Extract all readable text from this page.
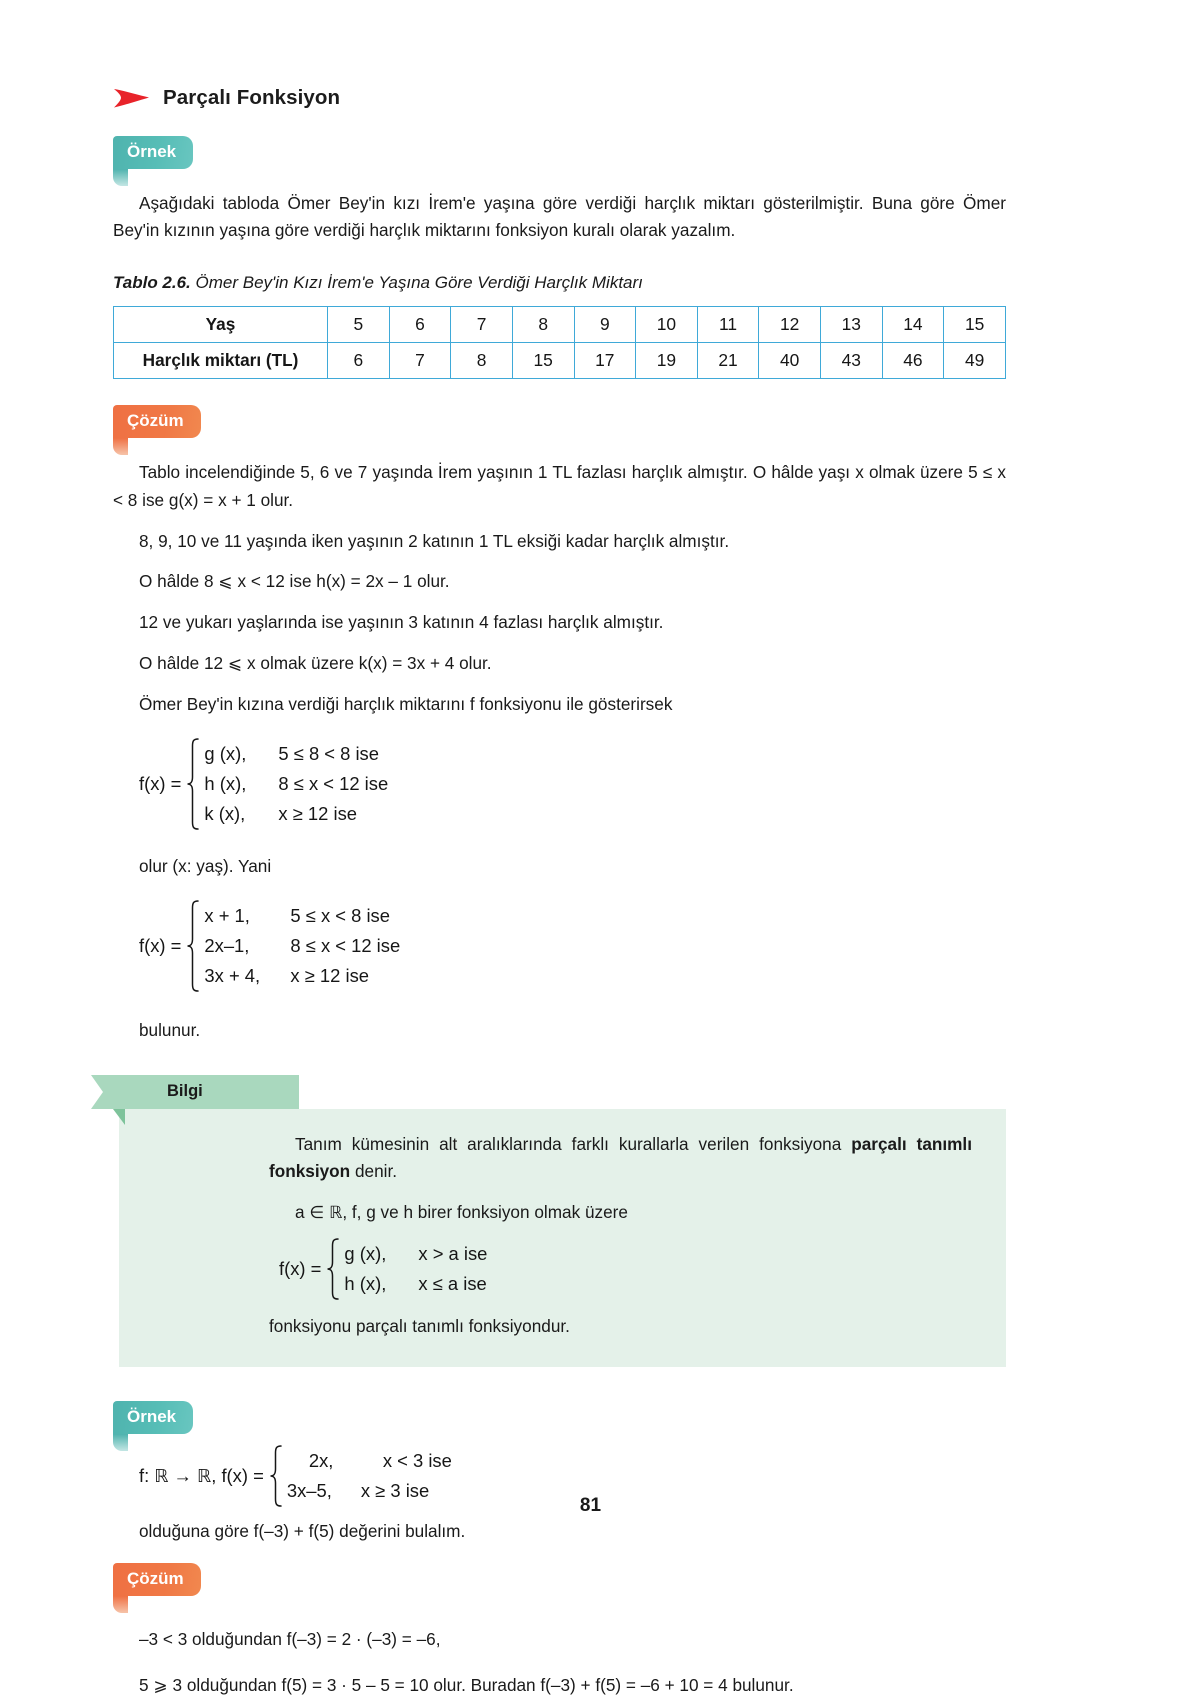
Parçalı Fonksiyon
Örnek

Aşağıdaki tabloda Ömer Bey'in kızı İrem'e yaşına göre verdiği harçlık miktarı gösterilmiştir. Buna göre Ömer Bey'in kızının yaşına göre verdiği harçlık miktarını fonksiyon kuralı olarak yazalım.

Tablo 2.6. Ömer Bey'in Kızı İrem'e Yaşına Göre Verdiği Harçlık Miktarı
Yaş	5	6	7	8	9	10	11	12	13	14	15
Harçlık miktarı (TL)	6	7	8	15	17	19	21	40	43	46	49
Çözüm

Tablo incelendiğinde 5, 6 ve 7 yaşında İrem yaşının 1 TL fazlası harçlık almıştır. O hâlde yaşı x olmak üzere 5 ≤ x < 8 ise g(x) = x + 1 olur.

8, 9, 10 ve 11 yaşında iken yaşının 2 katının 1 TL eksiği kadar harçlık almıştır.

O hâlde 8 ⩽ x < 12 ise h(x) = 2x – 1 olur.

12 ve yukarı yaşlarında ise yaşının 3 katının 4 fazlası harçlık almıştır.

O hâlde 12 ⩽ x olmak üzere k(x) = 3x + 4 olur.

Ömer Bey'in kızına verdiği harçlık miktarını f fonksiyonu ile gösterirsek

f(x) =
g (x),	5 ≤ 8 < 8 ise
h (x),	8 ≤ x < 12 ise
k (x),	x ≥ 12 ise

olur (x: yaş). Yani

f(x) =
x + 1,	5 ≤ x < 8 ise
2x–1,	8 ≤ x < 12 ise
3x + 4,	x ≥ 12 ise

bulunur.

Bilgi

Tanım kümesinin alt aralıklarında farklı kurallarla verilen fonksiyona parçalı tanımlı fonksiyon denir.

a ∈ ℝ, f, g ve h birer fonksiyon olmak üzere

f(x) =
g (x),	x > a ise
h (x),	x ≤ a ise

fonksiyonu parçalı tanımlı fonksiyondur.

Örnek
f: ℝ → ℝ, f(x) =
2x,	x < 3 ise
3x–5,	x ≥ 3 ise

olduğuna göre f(–3) + f(5) değerini bulalım.

Çözüm

–3 < 3 olduğundan f(–3) = 2 · (–3) = –6,

5 ⩾ 3 olduğundan f(5) = 3 · 5 – 5 = 10 olur. Buradan f(–3) + f(5) = –6 + 10 = 4 bulunur.

81
